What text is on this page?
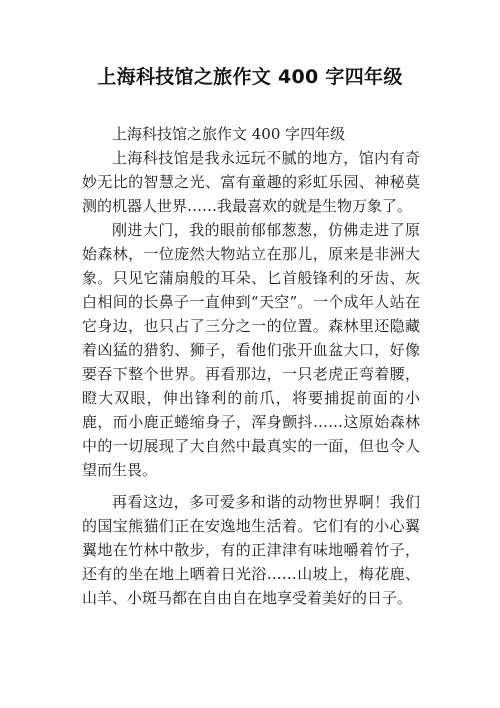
上海科技馆之旅作文 400 字四年级

上海科技馆之旅作文 400 字四年级

上海科技馆是我永远玩不腻的地方，馆内有奇妙无比的智慧之光、富有童趣的彩虹乐园、神秘莫测的机器人世界……我最喜欢的就是生物万象了。

刚进大门，我的眼前郁郁葱葱，仿佛走进了原始森林，一位庞然大物站立在那儿，原来是非洲大象。只见它蒲扇般的耳朵、匕首般锋利的牙齿、灰白相间的长鼻子一直伸到“天空”。一个成年人站在它身边，也只占了三分之一的位置。森林里还隐藏着凶猛的猎豹、狮子，看他们张开血盆大口，好像要吞下整个世界。再看那边，一只老虎正弯着腰，瞪大双眼，伸出锋利的前爪，将要捕捉前面的小鹿，而小鹿正蜷缩身子，浑身颤抖……这原始森林中的一切展现了大自然中最真实的一面，但也令人望而生畏。

再看这边，多可爱多和谐的动物世界啊！我们的国宝熊猫们正在安逸地生活着。它们有的小心翼翼地在竹林中散步，有的正津津有味地嚼着竹子，还有的坐在地上晒着日光浴……山坡上，梅花鹿、山羊、小斑马都在自由自在地享受着美好的日子。
